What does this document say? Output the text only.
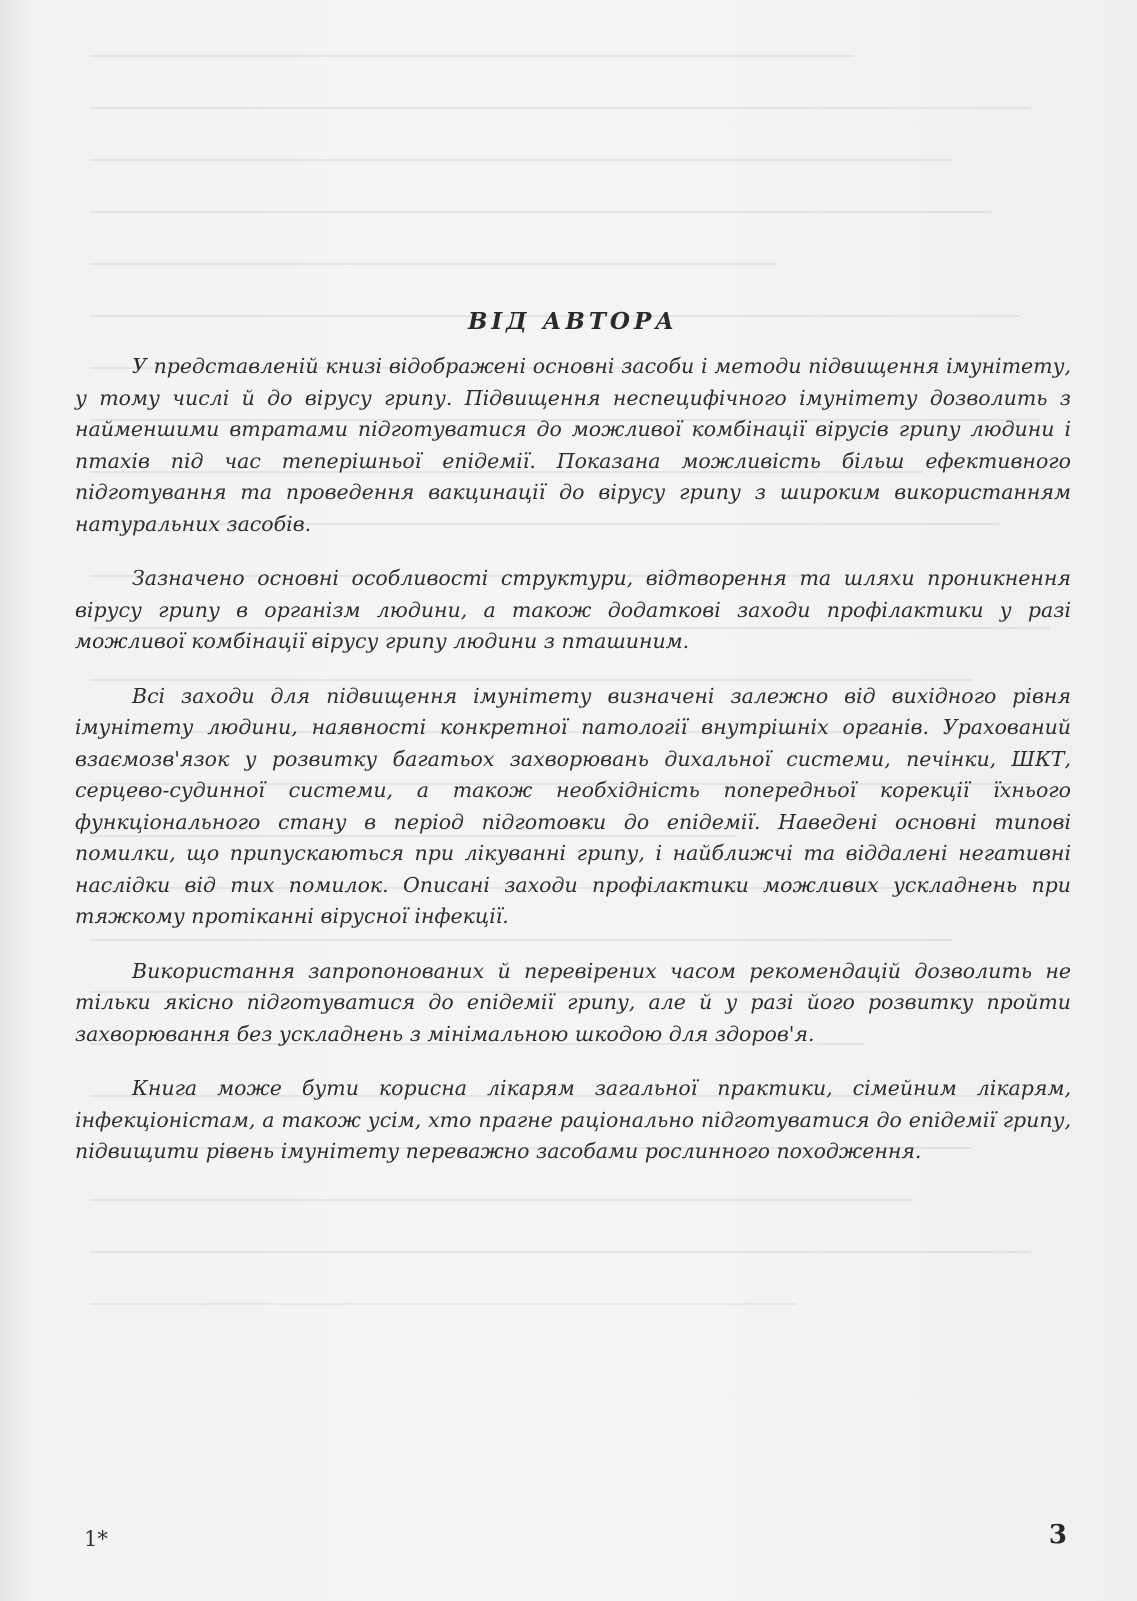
ВІД АВТОРА

У представленій книзі відображені основні засоби і методи підвищення імунітету, у тому числі й до вірусу грипу. Підвищення неспецифічного імунітету дозволить з найменшими втратами підготуватися до можливої комбінації вірусів грипу людини і птахів під час теперішньої епідемії. Показана можливість більш ефективного підготування та проведення вакцинації до вірусу грипу з широким використанням натуральних засобів.

Зазначено основні особливості структури, відтворення та шляхи проникнення вірусу грипу в організм людини, а також додаткові заходи профілактики у разі можливої комбінації вірусу грипу людини з пташиним.

Всі заходи для підвищення імунітету визначені залежно від вихідного рівня імунітету людини, наявності конкретної патології внутрішніх органів. Урахований взаємозв'язок у розвитку багатьох захворювань дихальної системи, печінки, ШКТ, серцево-судинної системи, а також необхідність попередньої корекції їхнього функціонального стану в період підготовки до епідемії. Наведені основні типові помилки, що припускаються при лікуванні грипу, і найближчі та віддалені негативні наслідки від тих помилок. Описані заходи профілактики можливих ускладнень при тяжкому протіканні вірусної інфекції.

Використання запропонованих й перевірених часом рекомендацій дозволить не тільки якісно підготуватися до епідемії грипу, але й у разі його розвитку пройти захворювання без ускладнень з мінімальною шкодою для здоров'я.

Книга може бути корисна лікарям загальної практики, сімейним лікарям, інфекціоністам, а також усім, хто прагне раціонально підготуватися до епідемії грипу, підвищити рівень імунітету переважно засобами рослинного походження.

1*	3
